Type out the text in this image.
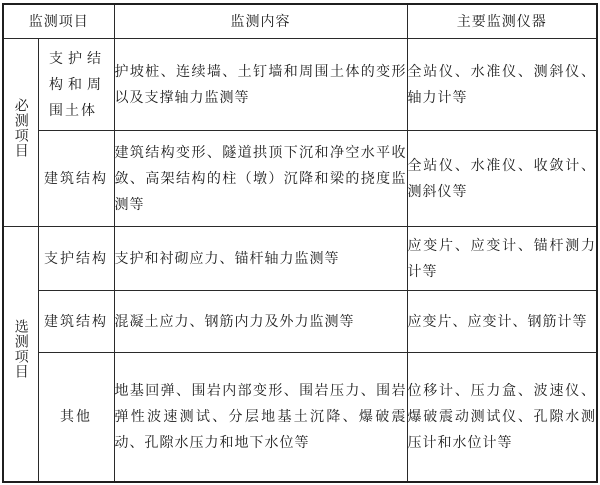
监测项目		监测内容	主要监测仪器
必测项目	支护结构和周围土体	护坡桩、连续墙、土钉墙和周围土体的变形以及支撑轴力监测等	全站仪、水准仪、测斜仪、轴力计等
	建筑结构	建筑结构变形、隧道拱顶下沉和净空水平收敛、高架结构的柱（墩）沉降和梁的挠度监测等	全站仪、水准仪、收敛计、测斜仪等
选测项目	支护结构	支护和衬砌应力、锚杆轴力监测等	应变片、应变计、锚杆测力计等
	建筑结构	混凝土应力、钢筋内力及外力监测等	应变片、应变计、钢筋计等
	其他	地基回弹、围岩内部变形、围岩压力、围岩弹性波速测试、分层地基土沉降、爆破震动、孔隙水压力和地下水位等	位移计、压力盒、波速仪、爆破震动测试仪、孔隙水测压计和水位计等
